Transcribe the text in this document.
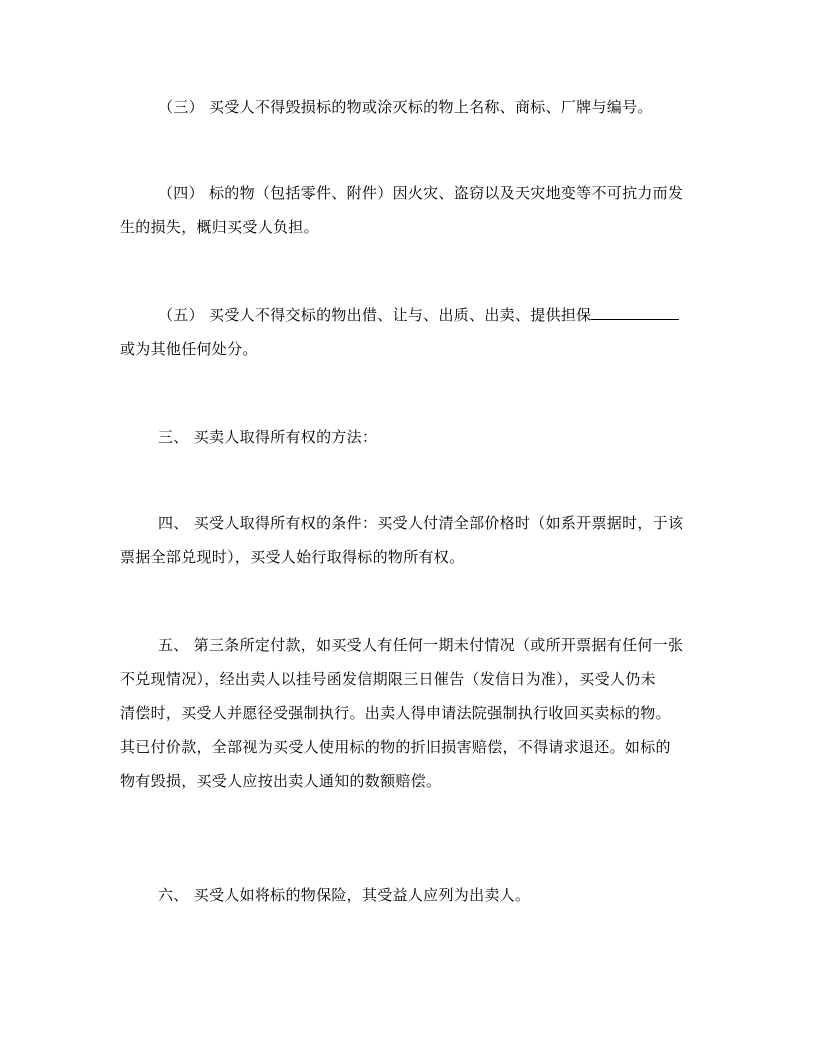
（三） 买受人不得毁损标的物或涂灭标的物上名称、商标、厂牌与编号。
（四） 标的物（包括零件、附件）因火灾、盗窃以及天灾地变等不可抗力而发
生的损失，概归买受人负担。
（五） 买受人不得交标的物出借、让与、出质、出卖、提供担保
或为其他任何处分。
三、 买卖人取得所有权的方法：
四、 买受人取得所有权的条件：买受人付清全部价格时（如系开票据时，于该
票据全部兑现时），买受人始行取得标的物所有权。
五、 第三条所定付款，如买受人有任何一期未付情况（或所开票据有任何一张
不兑现情况），经出卖人以挂号函发信期限三日催告（发信日为准），买受人仍未
清偿时，买受人并愿径受强制执行。出卖人得申请法院强制执行收回买卖标的物。
其已付价款，全部视为买受人使用标的物的折旧损害赔偿，不得请求退还。如标的
物有毁损，买受人应按出卖人通知的数额赔偿。
六、 买受人如将标的物保险，其受益人应列为出卖人。
